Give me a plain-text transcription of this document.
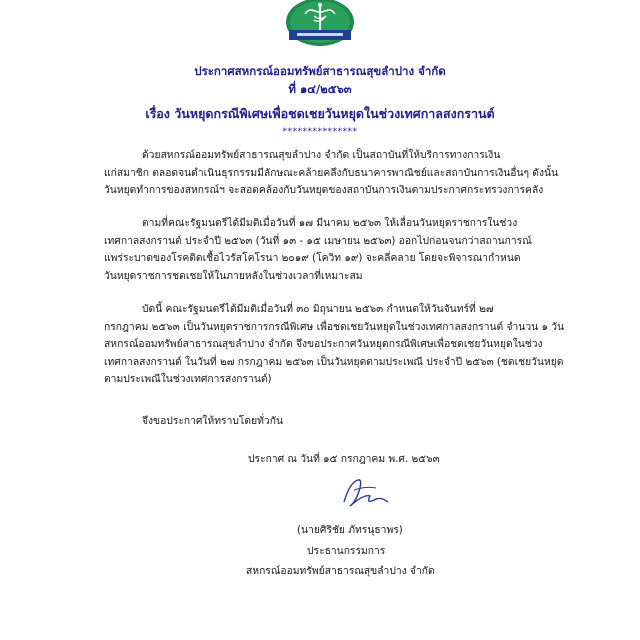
ประกาศสหกรณ์ออมทรัพย์สาธารณสุขลำปาง จำกัด
ที่ ๑๔/๒๕๖๓
เรื่อง วันหยุดกรณีพิเศษเพื่อชดเชยวันหยุดในช่วงเทศกาลสงกรานต์
***************
ด้วยสหกรณ์ออมทรัพย์สาธารณสุขลำปาง จำกัด เป็นสถาบันที่ให้บริการทางการเงิน
แก่สมาชิก ตลอดจนดำเนินธุรกรรมมีลักษณะคล้ายคลึงกับธนาคารพาณิชย์และสถาบันการเงินอื่นๆ ดังนั้น
วันหยุดทำการของสหกรณ์ฯ จะสอดคล้องกับวันหยุดของสถาบันการเงินตามประกาศกระทรวงการคลัง
ตามที่คณะรัฐมนตรีได้มีมติเมื่อวันที่ ๑๗ มีนาคม ๒๕๖๓ ให้เลื่อนวันหยุดราชการในช่วง
เทศกาลสงกรานต์ ประจำปี ๒๕๖๓ (วันที่ ๑๓ - ๑๕ เมษายน ๒๕๖๓) ออกไปก่อนจนกว่าสถานการณ์
แพร่ระบาดของโรคติดเชื้อไวรัสโคโรนา ๒๐๑๙ (โควิท ๑๙) จะคลี่คลาย โดยจะพิจารณากำหนด
วันหยุดราชการชดเชยให้ในภายหลังในช่วงเวลาที่เหมาะสม
บัดนี้ คณะรัฐมนตรีได้มีมติเมื่อวันที่ ๓๐ มิถุนายน ๒๕๖๓ กำหนดให้วันจันทร์ที่ ๒๗
กรกฎาคม ๒๕๖๓ เป็นวันหยุดราชการกรณีพิเศษ เพื่อชดเชยวันหยุดในช่วงเทศกาลสงกรานต์ จำนวน ๑ วัน
สหกรณ์ออมทรัพย์สาธารณสุขลำปาง จำกัด จึงขอประกาศวันหยุดกรณีพิเศษเพื่อชดเชยวันหยุดในช่วง
เทศกาลสงกรานต์ ในวันที่ ๒๗ กรกฎาคม ๒๕๖๓ เป็นวันหยุดตามประเพณี ประจำปี ๒๕๖๓ (ชดเชยวันหยุด
ตามประเพณีในช่วงเทศการสงกรานต์)
จึงขอประกาศให้ทราบโดยทั่วกัน
ประกาศ ณ วันที่ ๑๕ กรกฎาคม พ.ศ. ๒๕๖๓
(นายศิริชัย ภัทรนุธาพร)
ประธานกรรมการ
สหกรณ์ออมทรัพย์สาธารณสุขลำปาง จำกัด
